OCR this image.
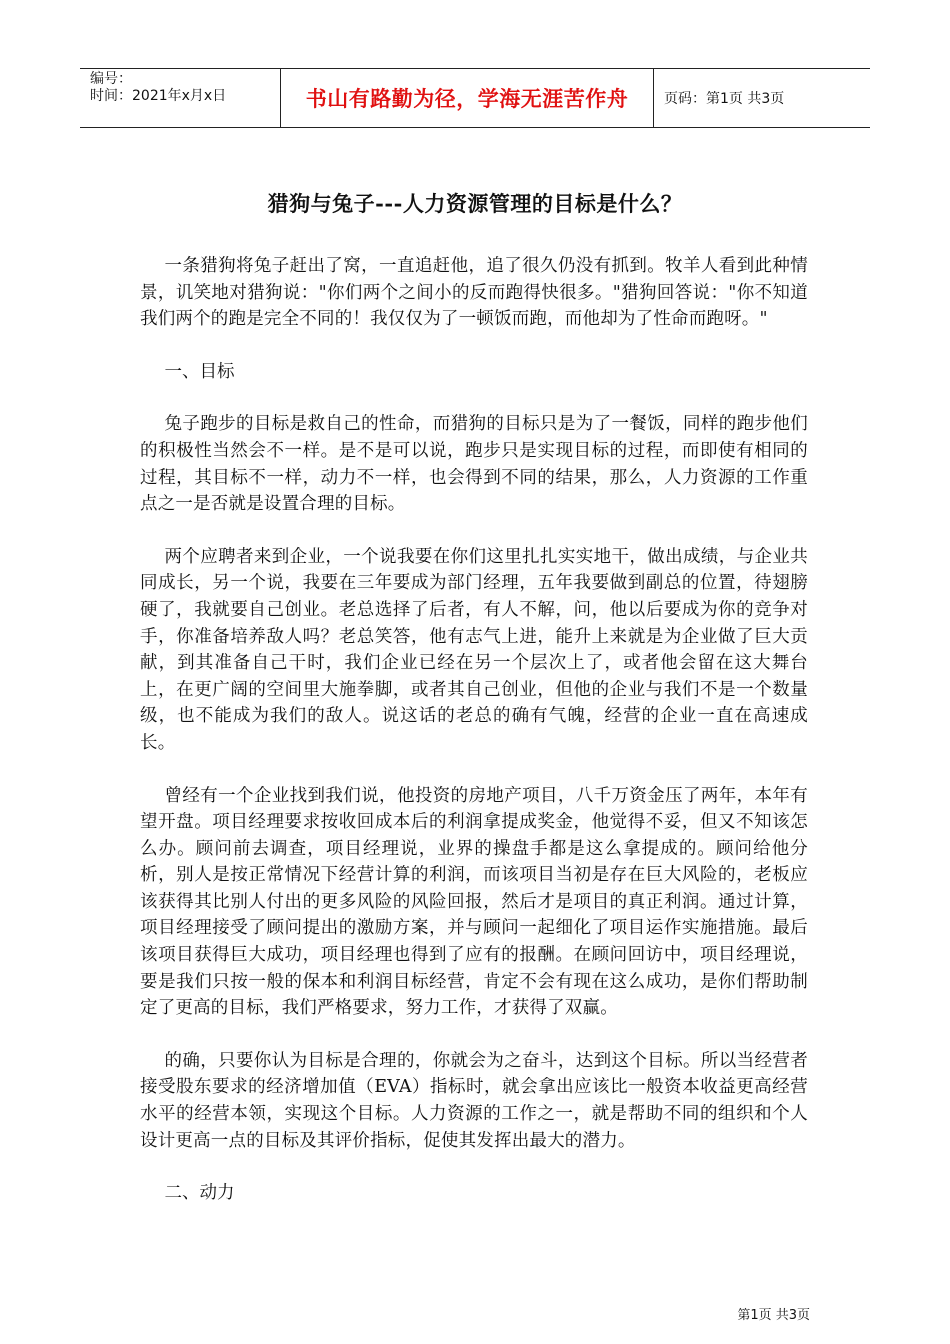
编号：
时间：2021年x月x日	书山有路勤为径，学海无涯苦作舟	页码：第1页 共3页
猎狗与兔子---人力资源管理的目标是什么？

一条猎狗将兔子赶出了窝，一直追赶他，追了很久仍没有抓到。牧羊人看到此种情景，讥笑地对猎狗说："你们两个之间小的反而跑得快很多。"猎狗回答说："你不知道我们两个的跑是完全不同的！我仅仅为了一顿饭而跑，而他却为了性命而跑呀。"

一、目标

兔子跑步的目标是救自己的性命，而猎狗的目标只是为了一餐饭，同样的跑步他们的积极性当然会不一样。是不是可以说，跑步只是实现目标的过程，而即使有相同的过程，其目标不一样，动力不一样，也会得到不同的结果，那么，人力资源的工作重点之一是否就是设置合理的目标。

两个应聘者来到企业，一个说我要在你们这里扎扎实实地干，做出成绩，与企业共同成长，另一个说，我要在三年要成为部门经理，五年我要做到副总的位置，待翅膀硬了，我就要自己创业。老总选择了后者，有人不解，问，他以后要成为你的竞争对手，你准备培养敌人吗？老总笑答，他有志气上进，能升上来就是为企业做了巨大贡献，到其准备自己干时，我们企业已经在另一个层次上了，或者他会留在这大舞台上，在更广阔的空间里大施拳脚，或者其自己创业，但他的企业与我们不是一个数量级，也不能成为我们的敌人。说这话的老总的确有气魄，经营的企业一直在高速成长。

曾经有一个企业找到我们说，他投资的房地产项目，八千万资金压了两年，本年有望开盘。项目经理要求按收回成本后的利润拿提成奖金，他觉得不妥，但又不知该怎么办。顾问前去调查，项目经理说，业界的操盘手都是这么拿提成的。顾问给他分析，别人是按正常情况下经营计算的利润，而该项目当初是存在巨大风险的，老板应该获得其比别人付出的更多风险的风险回报，然后才是项目的真正利润。通过计算，项目经理接受了顾问提出的激励方案，并与顾问一起细化了项目运作实施措施。最后该项目获得巨大成功，项目经理也得到了应有的报酬。在顾问回访中，项目经理说，要是我们只按一般的保本和利润目标经营，肯定不会有现在这么成功，是你们帮助制定了更高的目标，我们严格要求，努力工作，才获得了双赢。

的确，只要你认为目标是合理的，你就会为之奋斗，达到这个目标。所以当经营者接受股东要求的经济增加值（EVA）指标时，就会拿出应该比一般资本收益更高经营水平的经营本领，实现这个目标。人力资源的工作之一，就是帮助不同的组织和个人设计更高一点的目标及其评价指标，促使其发挥出最大的潜力。

二、动力

第1页 共3页
